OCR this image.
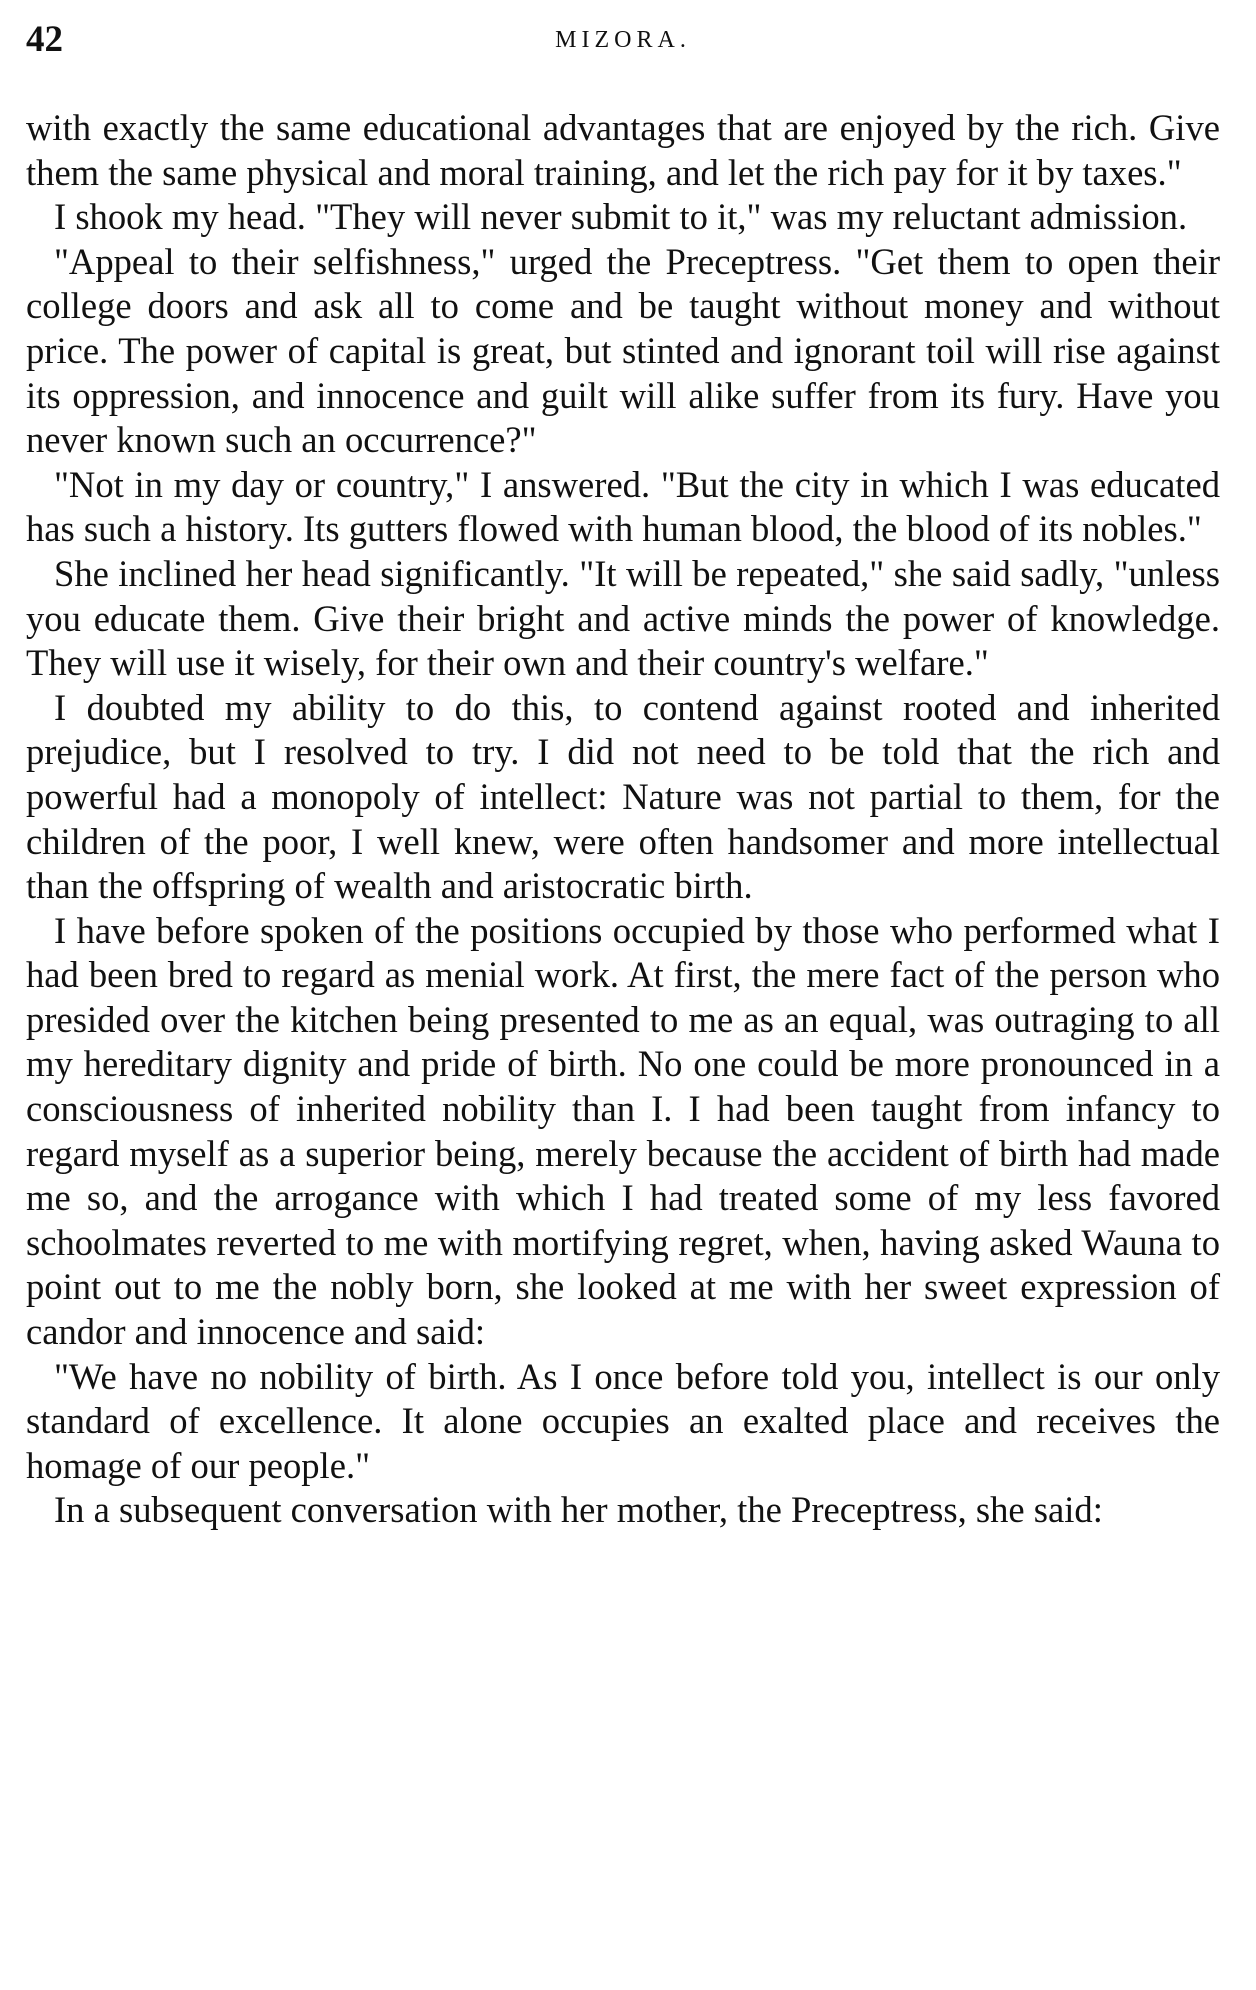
42	MIZORA.

with exactly the same educational advantages that are enjoyed by the rich. Give them the same physical and moral training, and let the rich pay for it by taxes."

I shook my head. "They will never submit to it," was my reluctant admission.

"Appeal to their selfishness," urged the Preceptress. "Get them to open their college doors and ask all to come and be taught without money and without price. The power of capital is great, but stinted and ignorant toil will rise against its oppression, and innocence and guilt will alike suffer from its fury. Have you never known such an occurrence?"

"Not in my day or country," I answered. "But the city in which I was educated has such a history. Its gutters flowed with human blood, the blood of its nobles."

She inclined her head significantly. "It will be repeated," she said sadly, "unless you educate them. Give their bright and active minds the power of knowledge. They will use it wisely, for their own and their country's welfare."

I doubted my ability to do this, to contend against rooted and inherited prejudice, but I resolved to try. I did not need to be told that the rich and powerful had a monopoly of intellect: Nature was not partial to them, for the children of the poor, I well knew, were often handsomer and more intellectual than the offspring of wealth and aristocratic birth.

I have before spoken of the positions occupied by those who performed what I had been bred to regard as menial work. At first, the mere fact of the person who presided over the kitchen being presented to me as an equal, was outraging to all my hereditary dignity and pride of birth. No one could be more pronounced in a consciousness of inherited nobility than I. I had been taught from infancy to regard myself as a superior being, merely because the accident of birth had made me so, and the arrogance with which I had treated some of my less favored schoolmates reverted to me with mortifying regret, when, having asked Wauna to point out to me the nobly born, she looked at me with her sweet expression of candor and innocence and said:

"We have no nobility of birth. As I once before told you, intellect is our only standard of excellence. It alone occupies an exalted place and receives the homage of our people."

In a subsequent conversation with her mother, the Preceptress, she said:
